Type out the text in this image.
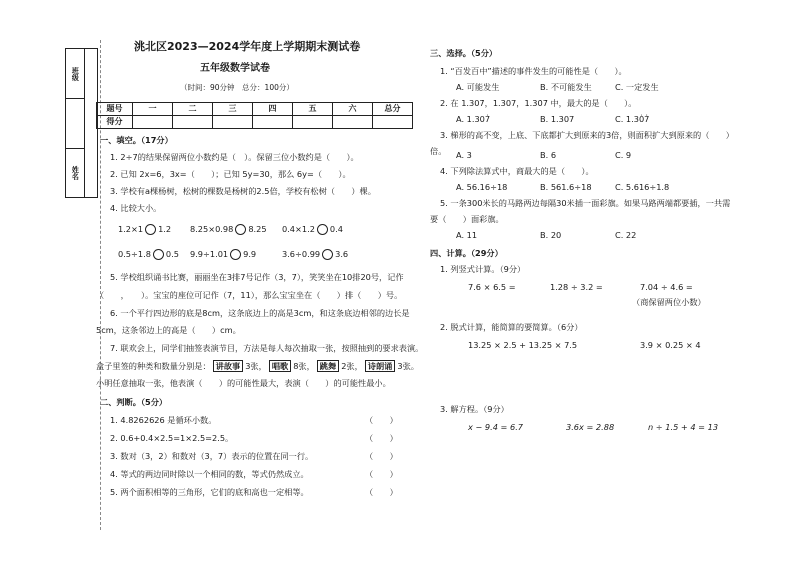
班级
姓名
洮北区2023—2024学年度上学期期末测试卷
五年级数学试卷
（时间：90分钟　总分：100分）
题号	一	二	三	四	五	六	总分
得分							
一、填空。（17分）
1. 2÷7的结果保留两位小数约是（　）。保留三位小数约是（　　）。
2. 已知 2x=6，3x=（　　）；已知 5y=30，那么 6y=（　　）。
3. 学校有a棵杨树，松树的棵数是杨树的2.5倍，学校有松树（　　）棵。
4. 比较大小。
1.2×1 1.2 8.25×0.98 8.25 0.4×1.2 0.4
0.5÷1.8 0.5 9.9÷1.01 9.9	3.6÷0.99 3.6
5. 学校组织诵书比赛，丽丽坐在3排7号记作（3，7），笑笑坐在10排20号，记作
（　　，　　）。宝宝的座位可记作（7，11），那么宝宝坐在（　　）排（　　）号。
6. 一个平行四边形的底是8cm，这条底边上的高是3cm，和这条底边相邻的边长是
5cm，这条邻边上的高是（　　）cm。
7. 联欢会上，同学们抽签表演节目，方法是每人每次抽取一张，按照抽到的要求表演。
盒子里签的种类和数量分别是： 讲故事 3张， 唱歌 8张， 跳舞 2张， 诗朗诵 3张。
小明任意抽取一张，他表演（　　）的可能性最大，表演（　　）的可能性最小。
二、判断。（5分）
1. 4.8262626 是循环小数。	（　　）
2. 0.6+0.4×2.5=1×2.5=2.5。	（　　）
3. 数对（3，2）和数对（3，7）表示的位置在同一行。	（　　）
4. 等式的两边同时除以一个相同的数，等式仍然成立。	（　　）
5. 两个面积相等的三角形，它们的底和高也一定相等。	（　　）
三、选择。（5分）
1. “百发百中”描述的事件发生的可能性是（　　）。
A. 可能发生	B. 不可能发生	C. 一定发生
2. 在 1.307̇，1.307，1.30̇7̇ 中，最大的是（　　）。
A. 1.307̇	B. 1.307	C. 1.30̇7̇
3. 梯形的高不变，上底、下底都扩大到原来的3倍，则面积扩大到原来的（　　）
倍。 A. 3	B. 6	C. 9
4. 下列除法算式中，商最大的是（　　）。
A. 56.16÷18	B. 561.6÷18	C. 5.616÷1.8
5. 一条300米长的马路两边每隔30米插一面彩旗。如果马路两端都要插，一共需
要（　　）面彩旗。
A. 11	B. 20	C. 22
四、计算。（29分）
1. 列竖式计算。（9分）
7.6 × 6.5 =	1.28 ÷ 3.2 =	7.04 ÷ 4.6 =
（商保留两位小数）
2. 脱式计算，能简算的要简算。（6分）
13.25 × 2.5 + 13.25 × 7.5	3.9 × 0.25 × 4
3. 解方程。（9分）
x − 9.4 = 6.7	3.6x = 2.88	n ÷ 1.5 + 4 = 13
